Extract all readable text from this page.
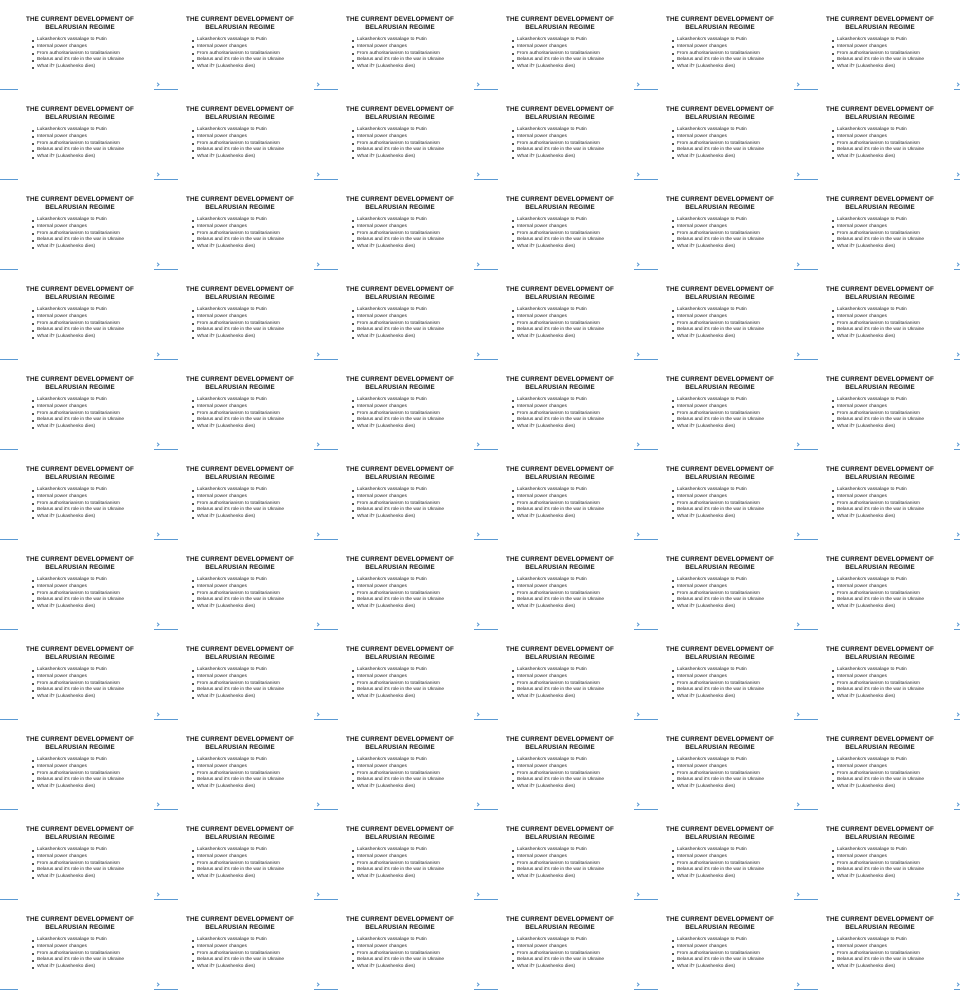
THE CURRENT DEVELOPMENT OF
BELARUSIAN REGIME
Lukashenko's vassalage to Putin
Internal power changes
From authoritarianism to totalitarianism
Belarus and it's role in the war in Ukraine
What if? (Lukashenko dies)
THE CURRENT DEVELOPMENT OF
BELARUSIAN REGIME
Lukashenko's vassalage to Putin
Internal power changes
From authoritarianism to totalitarianism
Belarus and it's role in the war in Ukraine
What if? (Lukashenko dies)
THE CURRENT DEVELOPMENT OF
BELARUSIAN REGIME
Lukashenko's vassalage to Putin
Internal power changes
From authoritarianism to totalitarianism
Belarus and it's role in the war in Ukraine
What if? (Lukashenko dies)
THE CURRENT DEVELOPMENT OF
BELARUSIAN REGIME
Lukashenko's vassalage to Putin
Internal power changes
From authoritarianism to totalitarianism
Belarus and it's role in the war in Ukraine
What if? (Lukashenko dies)
THE CURRENT DEVELOPMENT OF
BELARUSIAN REGIME
Lukashenko's vassalage to Putin
Internal power changes
From authoritarianism to totalitarianism
Belarus and it's role in the war in Ukraine
What if? (Lukashenko dies)
THE CURRENT DEVELOPMENT OF
BELARUSIAN REGIME
Lukashenko's vassalage to Putin
Internal power changes
From authoritarianism to totalitarianism
Belarus and it's role in the war in Ukraine
What if? (Lukashenko dies)
THE CURRENT DEVELOPMENT OF
BELARUSIAN REGIME
Lukashenko's vassalage to Putin
Internal power changes
From authoritarianism to totalitarianism
Belarus and it's role in the war in Ukraine
What if? (Lukashenko dies)
THE CURRENT DEVELOPMENT OF
BELARUSIAN REGIME
Lukashenko's vassalage to Putin
Internal power changes
From authoritarianism to totalitarianism
Belarus and it's role in the war in Ukraine
What if? (Lukashenko dies)
THE CURRENT DEVELOPMENT OF
BELARUSIAN REGIME
Lukashenko's vassalage to Putin
Internal power changes
From authoritarianism to totalitarianism
Belarus and it's role in the war in Ukraine
What if? (Lukashenko dies)
THE CURRENT DEVELOPMENT OF
BELARUSIAN REGIME
Lukashenko's vassalage to Putin
Internal power changes
From authoritarianism to totalitarianism
Belarus and it's role in the war in Ukraine
What if? (Lukashenko dies)
THE CURRENT DEVELOPMENT OF
BELARUSIAN REGIME
Lukashenko's vassalage to Putin
Internal power changes
From authoritarianism to totalitarianism
Belarus and it's role in the war in Ukraine
What if? (Lukashenko dies)
THE CURRENT DEVELOPMENT OF
BELARUSIAN REGIME
Lukashenko's vassalage to Putin
Internal power changes
From authoritarianism to totalitarianism
Belarus and it's role in the war in Ukraine
What if? (Lukashenko dies)
THE CURRENT DEVELOPMENT OF
BELARUSIAN REGIME
Lukashenko's vassalage to Putin
Internal power changes
From authoritarianism to totalitarianism
Belarus and it's role in the war in Ukraine
What if? (Lukashenko dies)
THE CURRENT DEVELOPMENT OF
BELARUSIAN REGIME
Lukashenko's vassalage to Putin
Internal power changes
From authoritarianism to totalitarianism
Belarus and it's role in the war in Ukraine
What if? (Lukashenko dies)
THE CURRENT DEVELOPMENT OF
BELARUSIAN REGIME
Lukashenko's vassalage to Putin
Internal power changes
From authoritarianism to totalitarianism
Belarus and it's role in the war in Ukraine
What if? (Lukashenko dies)
THE CURRENT DEVELOPMENT OF
BELARUSIAN REGIME
Lukashenko's vassalage to Putin
Internal power changes
From authoritarianism to totalitarianism
Belarus and it's role in the war in Ukraine
What if? (Lukashenko dies)
THE CURRENT DEVELOPMENT OF
BELARUSIAN REGIME
Lukashenko's vassalage to Putin
Internal power changes
From authoritarianism to totalitarianism
Belarus and it's role in the war in Ukraine
What if? (Lukashenko dies)
THE CURRENT DEVELOPMENT OF
BELARUSIAN REGIME
Lukashenko's vassalage to Putin
Internal power changes
From authoritarianism to totalitarianism
Belarus and it's role in the war in Ukraine
What if? (Lukashenko dies)
THE CURRENT DEVELOPMENT OF
BELARUSIAN REGIME
Lukashenko's vassalage to Putin
Internal power changes
From authoritarianism to totalitarianism
Belarus and it's role in the war in Ukraine
What if? (Lukashenko dies)
THE CURRENT DEVELOPMENT OF
BELARUSIAN REGIME
Lukashenko's vassalage to Putin
Internal power changes
From authoritarianism to totalitarianism
Belarus and it's role in the war in Ukraine
What if? (Lukashenko dies)
THE CURRENT DEVELOPMENT OF
BELARUSIAN REGIME
Lukashenko's vassalage to Putin
Internal power changes
From authoritarianism to totalitarianism
Belarus and it's role in the war in Ukraine
What if? (Lukashenko dies)
THE CURRENT DEVELOPMENT OF
BELARUSIAN REGIME
Lukashenko's vassalage to Putin
Internal power changes
From authoritarianism to totalitarianism
Belarus and it's role in the war in Ukraine
What if? (Lukashenko dies)
THE CURRENT DEVELOPMENT OF
BELARUSIAN REGIME
Lukashenko's vassalage to Putin
Internal power changes
From authoritarianism to totalitarianism
Belarus and it's role in the war in Ukraine
What if? (Lukashenko dies)
THE CURRENT DEVELOPMENT OF
BELARUSIAN REGIME
Lukashenko's vassalage to Putin
Internal power changes
From authoritarianism to totalitarianism
Belarus and it's role in the war in Ukraine
What if? (Lukashenko dies)
THE CURRENT DEVELOPMENT OF
BELARUSIAN REGIME
Lukashenko's vassalage to Putin
Internal power changes
From authoritarianism to totalitarianism
Belarus and it's role in the war in Ukraine
What if? (Lukashenko dies)
THE CURRENT DEVELOPMENT OF
BELARUSIAN REGIME
Lukashenko's vassalage to Putin
Internal power changes
From authoritarianism to totalitarianism
Belarus and it's role in the war in Ukraine
What if? (Lukashenko dies)
THE CURRENT DEVELOPMENT OF
BELARUSIAN REGIME
Lukashenko's vassalage to Putin
Internal power changes
From authoritarianism to totalitarianism
Belarus and it's role in the war in Ukraine
What if? (Lukashenko dies)
THE CURRENT DEVELOPMENT OF
BELARUSIAN REGIME
Lukashenko's vassalage to Putin
Internal power changes
From authoritarianism to totalitarianism
Belarus and it's role in the war in Ukraine
What if? (Lukashenko dies)
THE CURRENT DEVELOPMENT OF
BELARUSIAN REGIME
Lukashenko's vassalage to Putin
Internal power changes
From authoritarianism to totalitarianism
Belarus and it's role in the war in Ukraine
What if? (Lukashenko dies)
THE CURRENT DEVELOPMENT OF
BELARUSIAN REGIME
Lukashenko's vassalage to Putin
Internal power changes
From authoritarianism to totalitarianism
Belarus and it's role in the war in Ukraine
What if? (Lukashenko dies)
THE CURRENT DEVELOPMENT OF
BELARUSIAN REGIME
Lukashenko's vassalage to Putin
Internal power changes
From authoritarianism to totalitarianism
Belarus and it's role in the war in Ukraine
What if? (Lukashenko dies)
THE CURRENT DEVELOPMENT OF
BELARUSIAN REGIME
Lukashenko's vassalage to Putin
Internal power changes
From authoritarianism to totalitarianism
Belarus and it's role in the war in Ukraine
What if? (Lukashenko dies)
THE CURRENT DEVELOPMENT OF
BELARUSIAN REGIME
Lukashenko's vassalage to Putin
Internal power changes
From authoritarianism to totalitarianism
Belarus and it's role in the war in Ukraine
What if? (Lukashenko dies)
THE CURRENT DEVELOPMENT OF
BELARUSIAN REGIME
Lukashenko's vassalage to Putin
Internal power changes
From authoritarianism to totalitarianism
Belarus and it's role in the war in Ukraine
What if? (Lukashenko dies)
THE CURRENT DEVELOPMENT OF
BELARUSIAN REGIME
Lukashenko's vassalage to Putin
Internal power changes
From authoritarianism to totalitarianism
Belarus and it's role in the war in Ukraine
What if? (Lukashenko dies)
THE CURRENT DEVELOPMENT OF
BELARUSIAN REGIME
Lukashenko's vassalage to Putin
Internal power changes
From authoritarianism to totalitarianism
Belarus and it's role in the war in Ukraine
What if? (Lukashenko dies)
THE CURRENT DEVELOPMENT OF
BELARUSIAN REGIME
Lukashenko's vassalage to Putin
Internal power changes
From authoritarianism to totalitarianism
Belarus and it's role in the war in Ukraine
What if? (Lukashenko dies)
THE CURRENT DEVELOPMENT OF
BELARUSIAN REGIME
Lukashenko's vassalage to Putin
Internal power changes
From authoritarianism to totalitarianism
Belarus and it's role in the war in Ukraine
What if? (Lukashenko dies)
THE CURRENT DEVELOPMENT OF
BELARUSIAN REGIME
Lukashenko's vassalage to Putin
Internal power changes
From authoritarianism to totalitarianism
Belarus and it's role in the war in Ukraine
What if? (Lukashenko dies)
THE CURRENT DEVELOPMENT OF
BELARUSIAN REGIME
Lukashenko's vassalage to Putin
Internal power changes
From authoritarianism to totalitarianism
Belarus and it's role in the war in Ukraine
What if? (Lukashenko dies)
THE CURRENT DEVELOPMENT OF
BELARUSIAN REGIME
Lukashenko's vassalage to Putin
Internal power changes
From authoritarianism to totalitarianism
Belarus and it's role in the war in Ukraine
What if? (Lukashenko dies)
THE CURRENT DEVELOPMENT OF
BELARUSIAN REGIME
Lukashenko's vassalage to Putin
Internal power changes
From authoritarianism to totalitarianism
Belarus and it's role in the war in Ukraine
What if? (Lukashenko dies)
THE CURRENT DEVELOPMENT OF
BELARUSIAN REGIME
Lukashenko's vassalage to Putin
Internal power changes
From authoritarianism to totalitarianism
Belarus and it's role in the war in Ukraine
What if? (Lukashenko dies)
THE CURRENT DEVELOPMENT OF
BELARUSIAN REGIME
Lukashenko's vassalage to Putin
Internal power changes
From authoritarianism to totalitarianism
Belarus and it's role in the war in Ukraine
What if? (Lukashenko dies)
THE CURRENT DEVELOPMENT OF
BELARUSIAN REGIME
Lukashenko's vassalage to Putin
Internal power changes
From authoritarianism to totalitarianism
Belarus and it's role in the war in Ukraine
What if? (Lukashenko dies)
THE CURRENT DEVELOPMENT OF
BELARUSIAN REGIME
Lukashenko's vassalage to Putin
Internal power changes
From authoritarianism to totalitarianism
Belarus and it's role in the war in Ukraine
What if? (Lukashenko dies)
THE CURRENT DEVELOPMENT OF
BELARUSIAN REGIME
Lukashenko's vassalage to Putin
Internal power changes
From authoritarianism to totalitarianism
Belarus and it's role in the war in Ukraine
What if? (Lukashenko dies)
THE CURRENT DEVELOPMENT OF
BELARUSIAN REGIME
Lukashenko's vassalage to Putin
Internal power changes
From authoritarianism to totalitarianism
Belarus and it's role in the war in Ukraine
What if? (Lukashenko dies)
THE CURRENT DEVELOPMENT OF
BELARUSIAN REGIME
Lukashenko's vassalage to Putin
Internal power changes
From authoritarianism to totalitarianism
Belarus and it's role in the war in Ukraine
What if? (Lukashenko dies)
THE CURRENT DEVELOPMENT OF
BELARUSIAN REGIME
Lukashenko's vassalage to Putin
Internal power changes
From authoritarianism to totalitarianism
Belarus and it's role in the war in Ukraine
What if? (Lukashenko dies)
THE CURRENT DEVELOPMENT OF
BELARUSIAN REGIME
Lukashenko's vassalage to Putin
Internal power changes
From authoritarianism to totalitarianism
Belarus and it's role in the war in Ukraine
What if? (Lukashenko dies)
THE CURRENT DEVELOPMENT OF
BELARUSIAN REGIME
Lukashenko's vassalage to Putin
Internal power changes
From authoritarianism to totalitarianism
Belarus and it's role in the war in Ukraine
What if? (Lukashenko dies)
THE CURRENT DEVELOPMENT OF
BELARUSIAN REGIME
Lukashenko's vassalage to Putin
Internal power changes
From authoritarianism to totalitarianism
Belarus and it's role in the war in Ukraine
What if? (Lukashenko dies)
THE CURRENT DEVELOPMENT OF
BELARUSIAN REGIME
Lukashenko's vassalage to Putin
Internal power changes
From authoritarianism to totalitarianism
Belarus and it's role in the war in Ukraine
What if? (Lukashenko dies)
THE CURRENT DEVELOPMENT OF
BELARUSIAN REGIME
Lukashenko's vassalage to Putin
Internal power changes
From authoritarianism to totalitarianism
Belarus and it's role in the war in Ukraine
What if? (Lukashenko dies)
THE CURRENT DEVELOPMENT OF
BELARUSIAN REGIME
Lukashenko's vassalage to Putin
Internal power changes
From authoritarianism to totalitarianism
Belarus and it's role in the war in Ukraine
What if? (Lukashenko dies)
THE CURRENT DEVELOPMENT OF
BELARUSIAN REGIME
Lukashenko's vassalage to Putin
Internal power changes
From authoritarianism to totalitarianism
Belarus and it's role in the war in Ukraine
What if? (Lukashenko dies)
THE CURRENT DEVELOPMENT OF
BELARUSIAN REGIME
Lukashenko's vassalage to Putin
Internal power changes
From authoritarianism to totalitarianism
Belarus and it's role in the war in Ukraine
What if? (Lukashenko dies)
THE CURRENT DEVELOPMENT OF
BELARUSIAN REGIME
Lukashenko's vassalage to Putin
Internal power changes
From authoritarianism to totalitarianism
Belarus and it's role in the war in Ukraine
What if? (Lukashenko dies)
THE CURRENT DEVELOPMENT OF
BELARUSIAN REGIME
Lukashenko's vassalage to Putin
Internal power changes
From authoritarianism to totalitarianism
Belarus and it's role in the war in Ukraine
What if? (Lukashenko dies)
THE CURRENT DEVELOPMENT OF
BELARUSIAN REGIME
Lukashenko's vassalage to Putin
Internal power changes
From authoritarianism to totalitarianism
Belarus and it's role in the war in Ukraine
What if? (Lukashenko dies)
THE CURRENT DEVELOPMENT OF
BELARUSIAN REGIME
Lukashenko's vassalage to Putin
Internal power changes
From authoritarianism to totalitarianism
Belarus and it's role in the war in Ukraine
What if? (Lukashenko dies)
THE CURRENT DEVELOPMENT OF
BELARUSIAN REGIME
Lukashenko's vassalage to Putin
Internal power changes
From authoritarianism to totalitarianism
Belarus and it's role in the war in Ukraine
What if? (Lukashenko dies)
THE CURRENT DEVELOPMENT OF
BELARUSIAN REGIME
Lukashenko's vassalage to Putin
Internal power changes
From authoritarianism to totalitarianism
Belarus and it's role in the war in Ukraine
What if? (Lukashenko dies)
THE CURRENT DEVELOPMENT OF
BELARUSIAN REGIME
Lukashenko's vassalage to Putin
Internal power changes
From authoritarianism to totalitarianism
Belarus and it's role in the war in Ukraine
What if? (Lukashenko dies)
THE CURRENT DEVELOPMENT OF
BELARUSIAN REGIME
Lukashenko's vassalage to Putin
Internal power changes
From authoritarianism to totalitarianism
Belarus and it's role in the war in Ukraine
What if? (Lukashenko dies)
